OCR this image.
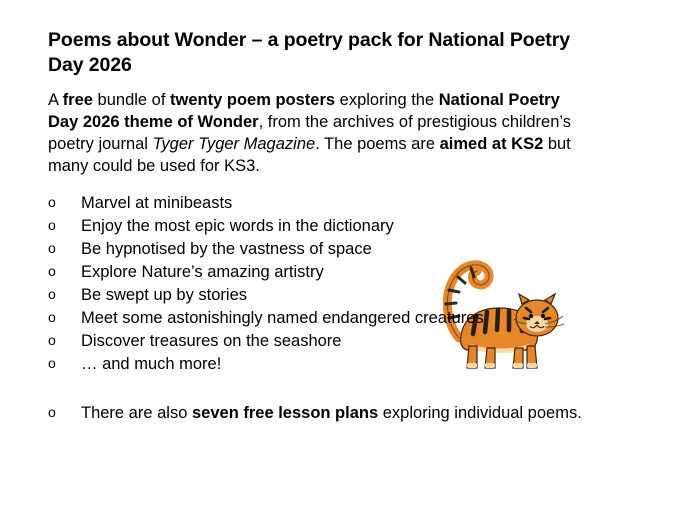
Poems about Wonder – a poetry pack for National Poetry Day 2026

A free bundle of twenty poem posters exploring the National Poetry Day 2026 theme of Wonder, from the archives of prestigious children’s poetry journal Tyger Tyger Magazine. The poems are aimed at KS2 but many could be used for KS3.

o Marvel at minibeasts
o Enjoy the most epic words in the dictionary
o Be hypnotised by the vastness of space
o Explore Nature’s amazing artistry
o Be swept up by stories
o Meet some astonishingly named endangered creatures
o Discover treasures on the seashore
o … and much more!
o There are also seven free lesson plans exploring individual poems.
